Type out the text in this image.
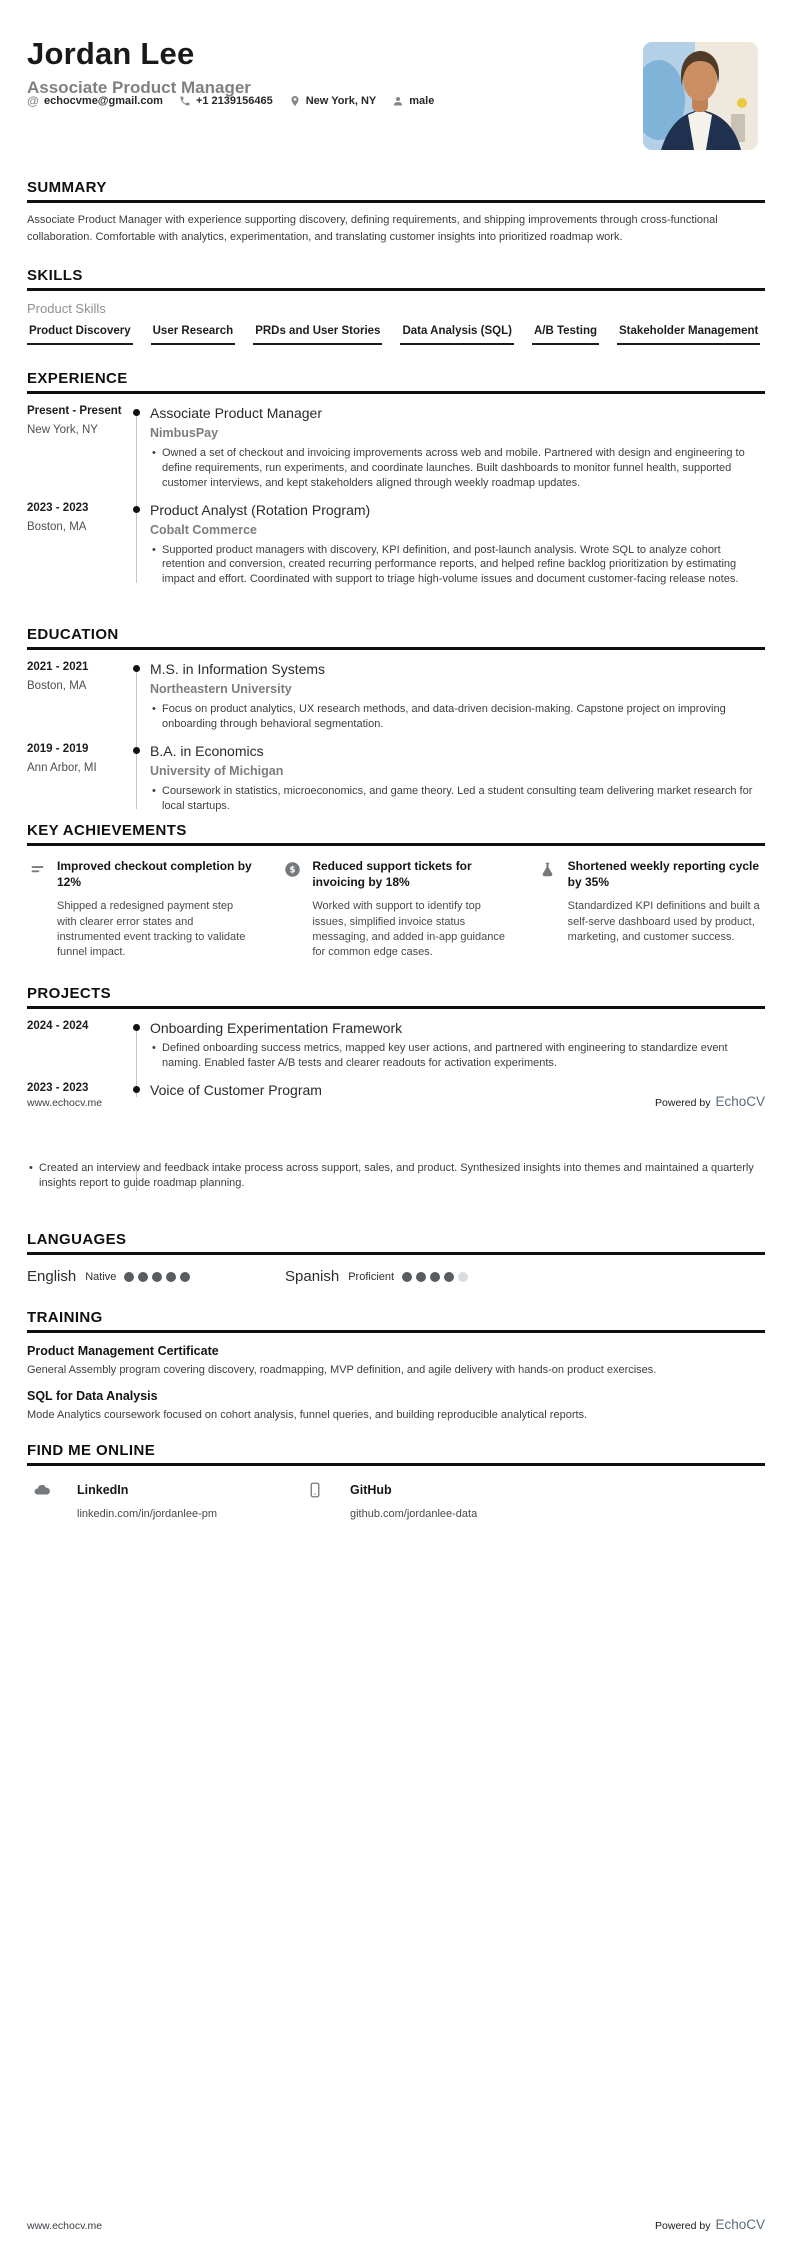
Jordan Lee
Associate Product Manager
@ echocvme@gmail.com	+1 2139156465	New York, NY	male
SUMMARY
Associate Product Manager with experience supporting discovery, defining requirements, and shipping improvements through cross-functional collaboration. Comfortable with analytics, experimentation, and translating customer insights into prioritized roadmap work.
SKILLS
Product Skills
Product Discovery User Research PRDs and User Stories Data Analysis (SQL) A/B Testing Stakeholder Management
EXPERIENCE
Present - Present
New York, NY
Associate Product Manager
NimbusPay
• Owned a set of checkout and invoicing improvements across web and mobile. Partnered with design and engineering to define requirements, run experiments, and coordinate launches. Built dashboards to monitor funnel health, supported customer interviews, and kept stakeholders aligned through weekly roadmap updates.
2023 - 2023
Boston, MA
Product Analyst (Rotation Program)
Cobalt Commerce
• Supported product managers with discovery, KPI definition, and post-launch analysis. Wrote SQL to analyze cohort retention and conversion, created recurring performance reports, and helped refine backlog prioritization by estimating impact and effort. Coordinated with support to triage high-volume issues and document customer-facing release notes.
EDUCATION
2021 - 2021
Boston, MA
M.S. in Information Systems
Northeastern University
• Focus on product analytics, UX research methods, and data-driven decision-making. Capstone project on improving onboarding through behavioral segmentation.
2019 - 2019
Ann Arbor, MI
B.A. in Economics
University of Michigan
• Coursework in statistics, microeconomics, and game theory. Led a student consulting team delivering market research for local startups.
KEY ACHIEVEMENTS
Improved checkout completion by 12%
Shipped a redesigned payment step with clearer error states and instrumented event tracking to validate funnel impact.
$ Reduced support tickets for invoicing by 18%
Worked with support to identify top issues, simplified invoice status messaging, and added in-app guidance for common edge cases.
Shortened weekly reporting cycle by 35%
Standardized KPI definitions and built a self-serve dashboard used by product, marketing, and customer success.
PROJECTS
2024 - 2024	Onboarding Experimentation Framework
• Defined onboarding success metrics, mapped key user actions, and partnered with engineering to standardize event naming. Enabled faster A/B tests and clearer readouts for activation experiments.
2023 - 2023	Voice of Customer Program
www.echocv.me	Powered by EchoCV
• Created an interview and feedback intake process across support, sales, and product. Synthesized insights into themes and maintained a quarterly insights report to guide roadmap planning.
LANGUAGES
English Native	Spanish Proficient
TRAINING
Product Management Certificate

General Assembly program covering discovery, roadmapping, MVP definition, and agile delivery with hands-on product exercises.

SQL for Data Analysis

Mode Analytics coursework focused on cohort analysis, funnel queries, and building reproducible analytical reports.

FIND ME ONLINE
LinkedIn
linkedin.com/in/jordanlee-pm
GitHub
github.com/jordanlee-data
www.echocv.me	Powered by EchoCV
